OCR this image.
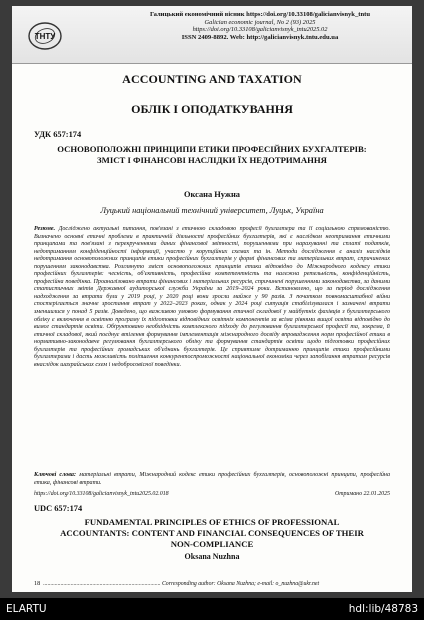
ТНТУ
Галицький економічний вісник https://doi.org/10.33108/galicianvisnyk_tntu
Galician economic journal, No 2 (93) 2025
https://doi.org/10.33108/galicianvisnyk_tntu2025.02
ISSN 2409-8892. Web: http://galicianvisnyk.tntu.edu.ua
ACCOUNTING AND TAXATION
ОБЛІК І ОПОДАТКУВАННЯ
УДК 657:174
ОСНОВОПОЛОЖНІ ПРИНЦИПИ ЕТИКИ ПРОФЕСІЙНИХ БУХГАЛТЕРІВ: ЗМІСТ І ФІНАНСОВІ НАСЛІДКИ ЇХ НЕДОТРИМАННЯ
Оксана Нужна
Луцький національний технічний університет, Луцьк, Україна
Резюме. Досліджено актуальні питання, пов'язані з етичною складовою професії бухгалтера та її соціальною спрямованістю. Визначено основні етичні проблеми в практичній діяльності професійних бухгалтерів, які є наслідком неотримання етичними принципами та пов'язані з перекрученнями даних фінансової звітності, порушеннями при нарахуванні та сплаті податків, недотриманням конфіденційності інформації, участю у корупційних схемах та ін. Методи дослідження є аналіз наслідків недотримання основоположних принципів етики професійних бухгалтерів у формі фінансових та матеріальних втрат, спричинених порушенням законодавства. Розглянуто зміст основоположних принципів етики відповідно до Міжнародного кодексу етики професійних бухгалтерів: чесність, об'єктивність, професійна компетентність та належна ретельність, конфіденційність, професійна поведінка. Проаналізовано втрати фінансових і матеріальних ресурсів, спричинені порушеннями законодавства, за даними статистичних звітів Державної аудиторської служби України за 2019–2024 роки. Встановлено, що за період дослідження надходження за втрати були у 2019 році, у 2020 році вони зросли майже у 90 разів. З початком повномасштабної війни спостерігається значне зростання втрат у 2022–2023 роках, однак у 2024 році ситуація стабілізувалася і зазначені втрати зменшилися у понад 5 разів. Доведено, що важливою умовою формування етичної складової у майбутніх фахівців з бухгалтерського обліку є включення в освітню програму їх підготовки відповідних освітніх компонентів за всіма рівнями вищої освіти відповідно до вимог стандартів освіти. Обґрунтовано необхідність комплексного підходу до регулювання бухгалтерської професії та, зокрема, її етичної складової, який поєднує втілення формування імплементація міжнародного досвіду впровадження норм професійної етики в нормативно-законодавче регулювання бухгалтерського обліку та формування стандартів освіти щодо підготовки професійних бухгалтерів та професійних громадських об'єднань бухгалтерів. Це сприятиме дотриманню принципів етики професійними бухгалтерами і дасть можливість поліпшення конкурентоспроможності національної економіки через запобігання втратам ресурсів внаслідок шахрайських схем і недобросовісної поведінки.
Ключові слова: матеріальні втрати, Міжнародний кодекс етики професійних бухгалтерів, основоположні принципи, професійна етика, фінансові втрати.
https://doi.org/10.33108/galicianvisnyk_tntu2025.02.018	Отримано 22.01.2025
UDC 657:174
FUNDAMENTAL PRINCIPLES OF ETHICS OF PROFESSIONAL ACCOUNTANTS: CONTENT AND FINANCIAL CONSEQUENCES OF THEIR NON-COMPLIANCE
Oksana Nuzhna
18  ................................................................................. Corresponding author: Oksana Nuzhna; e-mail: o_nuzhna@ukr.net
ELARTU	hdl:lib/48783
